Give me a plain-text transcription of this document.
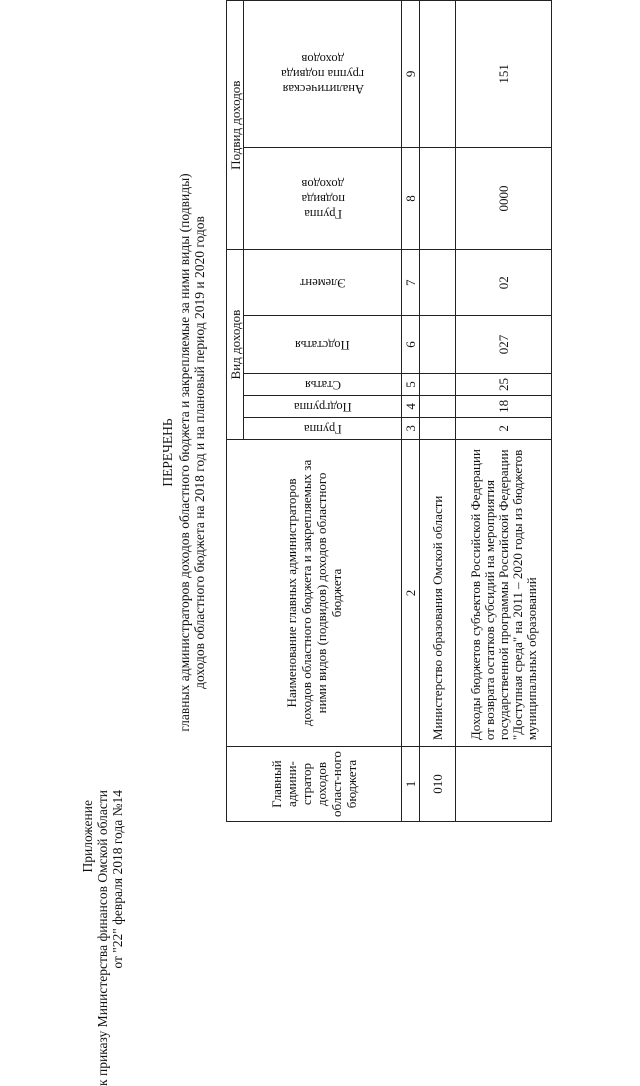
Приложение к приказу Министерства финансов Омской области от "22" февраля 2018 года №14
ПЕРЕЧЕНЬ главных администраторов доходов областного бюджета и закрепляемые за ними виды (подвиды) доходов областного бюджета на 2018 год и на плановый период 2019 и 2020 годов
Главный админи-стратор доходов област-ного бюджета	Наименование главных администраторов доходов областного бюджета и закрепляемых за ними видов (подвидов) доходов областного бюджета	Вид доходов					Подвид доходов	

		Группа	Подгруппа	Статья	Подстатья	Элемент	Группа подвида доходов	Аналитическая группа подвида доходов

1	2	3	4	5	6	7	8	9
010	Министерство образования Омской области							
	Доходы бюджетов субъектов Российской Федерации от возврата остатков субсидий на мероприятия государственной программы Российской Федерации "Доступная среда" на 2011 – 2020 годы из бюджетов муниципальных образований	2	18	25	027	02	0000	151
